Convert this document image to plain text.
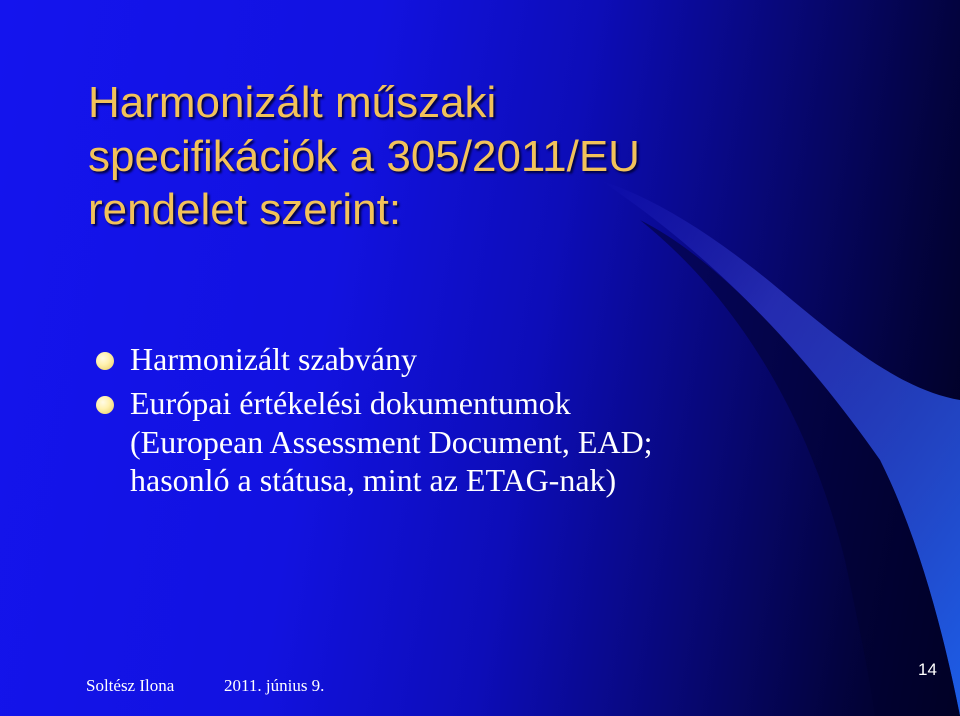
Harmonizált műszaki
specifikációk a 305/2011/EU
rendelet szerint:
Harmonizált szabvány
Európai értékelési dokumentumok
(European Assessment Document, EAD;
hasonló a státusa, mint az ETAG-nak)
Soltész Ilona	2011. június 9.
14
